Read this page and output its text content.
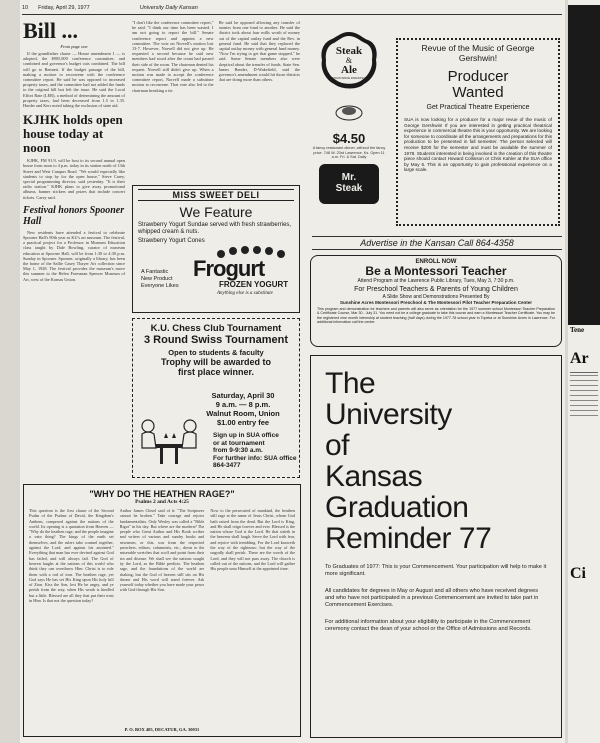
10 Friday, April 29, 1977	University Daily Kansan
Bill ...
From page one

If the grandfather clause — House amendment 1 — is adopted, the $905,000 conference committee, and combined and governor's budget cuts combined. The bill will go to Bennett. If the budget passage of the bill, making a motion to reconvene with the conference committee report. He said he was opposed to increased property taxes, and the committee had not added the funds to the original bill but left the issue. He said the Local Effort Rate (LER), a method of determining the amount of property taxes, had been decreased from 1.5 to 1.35. Harder and Kerr noted taking the exclusion of state aid.

KJHK holds open house today at noon

KJHK, FM 91.9, will be host to its second annual open house from noon to 4 p.m. today in its station north of 13th Street and West Campus Road. "We would especially like students to stop by for the open house," Steve Carey, special programming director, said yesterday. "It is their radio station." KJHK plans to give away promotional albums, banner stickers and prizes that include concert tickets. Carey said.

Festival honors Spooner Hall

New residents have attended a festival to celebrate Spooner Hall's 80th year as KU's art museum. The festival, a practical project for a Professor in Museum Education class taught by Dale Bowling, curator of museum education at Spooner Hall, will be from 1:30 to 4:30 p.m. Sunday in Spooner. Spooner, originally a library, has been the home of the Sallie Casey Thayer Art collection since May 1, 1928. The festival provides the museum's move this summer to the Helen Foresman Spencer Museum of Art, west of the Kansas Union.

"I don't like the conference committee report," he said. "I think our time has been wasted. I am not going to report the bill." Senate conference report and appoint a new committee. The vote on Norvell's motion lost 13-7. However, Norvell did not give up. He requested a second because he said new members had stood after the count had passed their side of the room. The chairman denied his request. Norvell still didn't give up. When a motion was made to accept the conference committee report, Norvell made a substitute motion to reconvene. That vote also led to the chairman breaking a tie.
He said he opposed allowing any transfer of monies from one fund to another. He said the district took about four mills worth of money out of the capital outlay fund and the Rev. in general fund. He said that they replaced the capital outlay money with general fund money. "Now I'm trying to get that game stopped," he said. Some Senate members also were skeptical about the transfer of funds. State Sen. James Bender, D-Wakefield, said the governor's amendment would hit those districts that are doing more than others.
MISS SWEET DELI
We Feature
Strawberry Yogurt Sundae served with fresh strawberries, whipped cream & nuts.
Strawberry Yogurt Cones
A Fantastic
New Product
Everyone Likes
Frogurt
FROZEN YOGURT
Anything else is a substitute
K.U. Chess Club Tournament
3 Round Swiss Tournament
Open to students & faculty
Trophy will be awarded to
first place winner.
Saturday, April 30
9 a.m. — 8 p.m.
Walnut Room, Union
$1.00 entry fee
Sign up in SUA office
or at tournament
from 9-9:30 a.m.
For further info: SUA office 864-3477
"WHY DO THE HEATHEN RAGE?"
Psalms 2 and Acts 4:25
This question is the first clause of the Second Psalm of the Psalms of David, the Kingdom's Anthem, composed against the nations of the world. Its opening is a quotation from Heaven — "Why do the heathen rage, and the people imagine a vain thing? The kings of the earth set themselves, and the rulers take counsel together, against the Lord, and against his anointed." Everything that man has ever devised against God has failed, and will always fail. The God of heaven laughs at the nations of this world who think they can overthrow Him. Christ is to rule them with a rod of iron. The heathen rage, yet God says He has set His King upon His holy hill of Zion. Kiss the Son, lest He be angry, and ye perish from the way, when His wrath is kindled but a little. Blessed are all they that put their trust in Him. Is that not the question today?
Author James Chisel said of it: "The Scriptures cannot be broken." Take courage and rejoice fundamentalists. Only Wesley was called a "Bible Bigot" in his day. But where are the modern? The people who Great Author and His Book scribes and writers of various and sundry books and newsmen, or this, war from the respected preachers, editors, columnists, etc., down to the miserable wretches that scoff and point from their sin and disease. We shall see the nations sought by the Lord, as the Bible predicts. The heathen rage, and the foundations of the world are shaking, but the God of heaven still sits on His throne and His word will stand forever. Ask yourself today whether you have made your peace with God through His Son.
Now to the persecuted of mankind, the heathen still rage at the name of Jesus Christ, whom God hath raised from the dead. But the Lord is King, and He shall reign forever and ever. Blessed is the nation whose God is the Lord. He that sitteth in the heavens shall laugh. Serve the Lord with fear, and rejoice with trembling. For the Lord knoweth the way of the righteous: but the way of the ungodly shall perish. These are the words of the Lord, and they will not pass away. The church is called out of the nations, and the Lord will gather His people unto Himself at the appointed time.
P. O. BOX 405, DECATUR, GA. 30031
Steak
&
Ale
FAMOUS SINCE FRANCISCAN

$4.50
A fancy restaurant dinner, without the fancy price. 748 W. 23rd Lawrence, Ks. Open 11 a.m. Fri. & Sat. Daily
Mr.
Steak
Revue of the Music of George Gershwin!
Producer
Wanted
Get Practical Theatre Experience
SUA is now looking for a producer for a major revue of the music of George Gershwin! If you are interested in getting practical theatrical experience in commercial theatre this is your opportunity. We are looking for someone to coordinate all the arrangements and preparations for this production to be presented in fall semester. The person selected will receive $200 for the semester and must be available the summer of 1978. Students interested in being involved in the creation of this theatre piece should contact Howard Collinson or Chris Kahler at the SUA office by May 6. This is an opportunity to gain professional experience on a large scale.
Advertise in the Kansan Call 864-4358
ENROLL NOW
Be a Montessori Teacher
Attend Program at the Lawrence Public Library, Tues, May 3, 7:30 p.m.
For Preschool Teachers & Parents of Young Children
A Slide Show and Demonstrations Presented By
Sunshine Acres Montessori Preschool & The Montessori Pilot Teacher Preparation Center
This program and demonstration for teachers and parents will also serve as orientation for the 1977 summer school Montessori Teacher Preparation & Certificate Course, Mar 30 - July 31. You need not be a college graduate to take this course and earn a Montessori Teacher Certificate. You may be the registered nine month internship at student teaching (half days) during the 1977-78 school year in Topeka or at Sunshine Acres in Lawrence. For additional information call the center.
The
University
of
Kansas
Graduation
Reminder 77
To Graduates of 1977: This is your Commencement. Your participation will help to make it more significant.
All candidates for degrees in May or August and all others who have received degrees and who have not participated in a previous Commencement are invited to take part in Commencement Exercises.
For additional information about your eligibility to participate in the Commencement ceremony contact the dean of your school or the Office of Admissions and Records.
Tene
Ar
Ci
